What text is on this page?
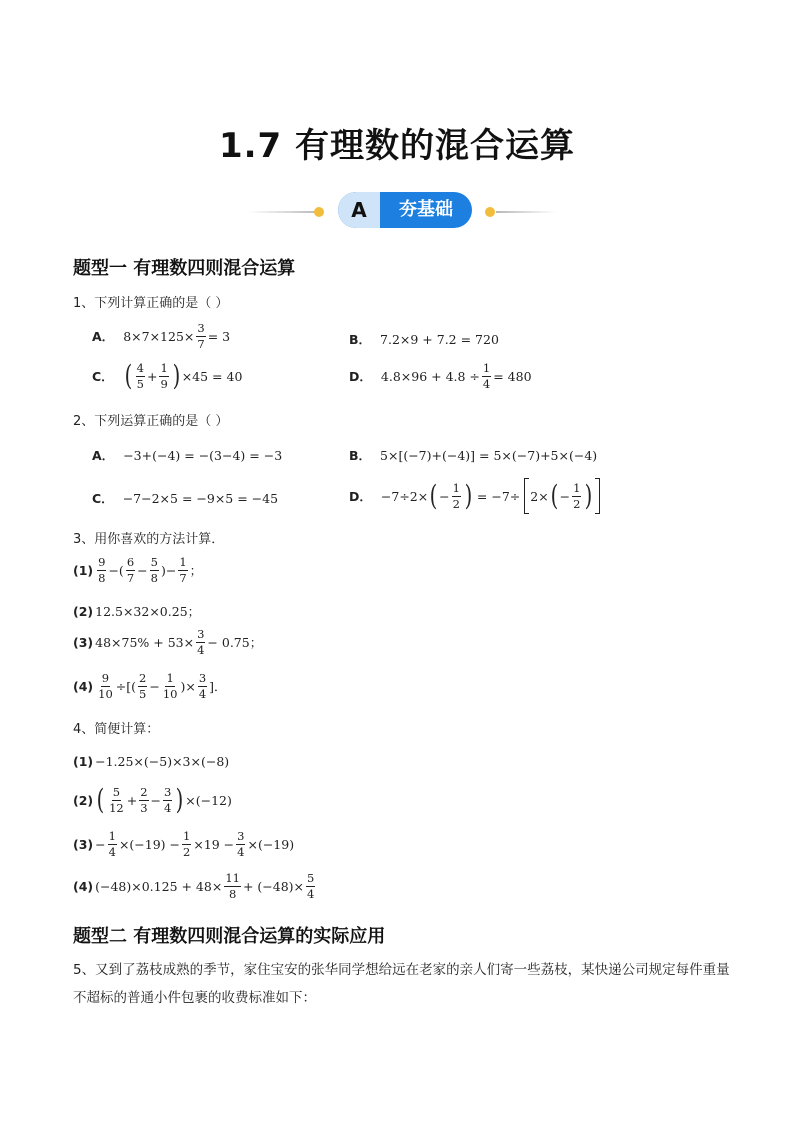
1.7 有理数的混合运算
A	夯基础
题型一 有理数四则混合运算
1、下列计算正确的是（ ）
A． $8\times 7\times 125\times \frac{3}{7} = 3$	B． 7.2×9 + 7.2 = 720
C． ( $\frac{4}{5} + \frac{1}{9}$ ) ×45 = 40	D． $4.8\times 96 + 4.8 \div \frac{1}{4} = 480$
2、下列运算正确的是（ ）
A． −3+(−4) = −(3−4) = −3	B． 5×[(−7)+(−4)] = 5×(−7)+5×(−4)
C． −7−2×5 = −9×5 = −45	D． −7÷2× ( − $\frac{1}{2}$ ) = −7÷ 2× ( − $\frac{1}{2}$ )
3、用你喜欢的方法计算．
$(1) \frac{9}{8}$ −( $\frac{6}{7} - \frac{5}{8}$ )− $\frac{1}{7}$ ；
(2) 12.5×32×0.25；
(3) $48\times 75\% + 53\times \frac{3}{4} - 0.75$；
$(4) \frac{9}{10}$ ÷[( $\frac{2}{5} - \frac{1}{10}$ )× $\frac{3}{4}$ ]．
4、简便计算：
(1) −1.25×(−5)×3×(−8)
(2) ( $\frac{5}{12} + \frac{2}{3} - \frac{3}{4}$ ) ×(−12)
$(3) - \frac{1}{4} \times(-19) - \frac{1}{2} \times 19 - \frac{3}{4} \times(-19)$
(4) $(-48)\times 0.125 + 48\times \frac{11}{8} + (-48)\times \frac{5}{4}$
题型二 有理数四则混合运算的实际应用
5、又到了荔枝成熟的季节，家住宝安的张华同学想给远在老家的亲人们寄一些荔枝，某快递公司规定每件重量不超标的普通小件包裹的收费标准如下：
